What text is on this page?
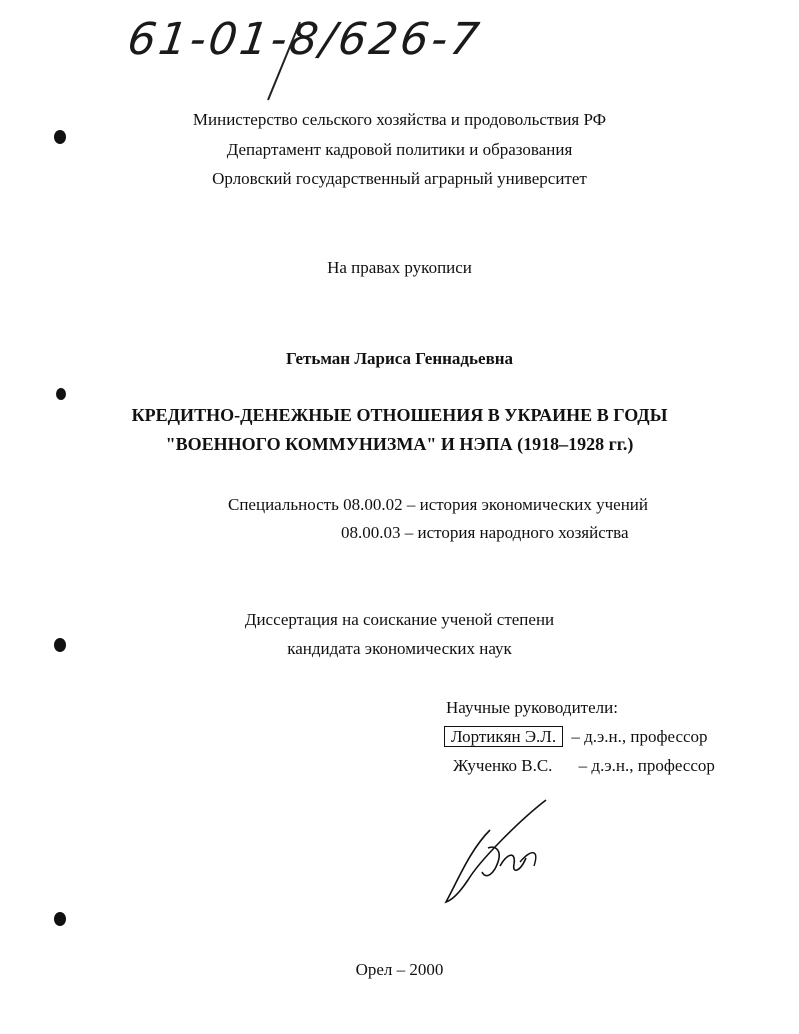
61-01-8/626-7
Министерство сельского хозяйства и продовольствия РФ
Департамент кадровой политики и образования
Орловский государственный аграрный университет
На правах рукописи
Гетьман Лариса Геннадьевна
КРЕДИТНО-ДЕНЕЖНЫЕ ОТНОШЕНИЯ В УКРАИНЕ В ГОДЫ
"ВОЕННОГО КОММУНИЗМА" И НЭПА (1918–1928 гг.)
Специальность 08.00.02 – история экономических учений
08.00.03 – история народного хозяйства
Диссертация на соискание ученой степени
кандидата экономических наук
Научные руководители:
Лортикян Э.Л. – д.э.н., профессор
Жученко В.С. – д.э.н., профессор
Орел – 2000
